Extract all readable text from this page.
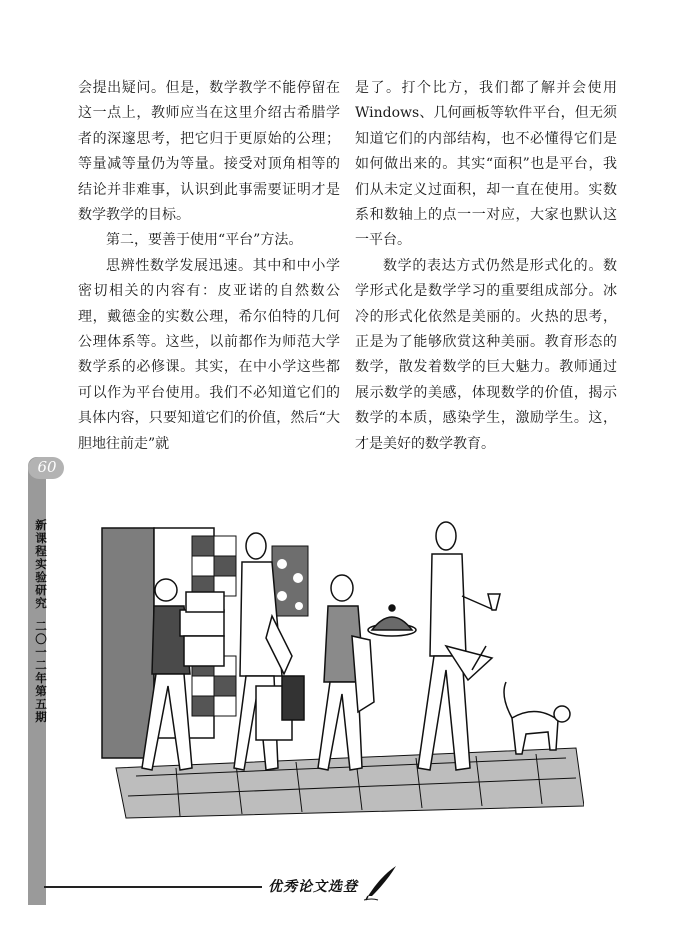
会提出疑问。但是，数学教学不能停留在这一点上，教师应当在这里介绍古希腊学者的深邃思考，把它归于更原始的公理；等量减等量仍为等量。接受对顶角相等的结论并非难事，认识到此事需要证明才是数学教学的目标。

第二，要善于使用“平台”方法。

思辨性数学发展迅速。其中和中小学密切相关的内容有：皮亚诺的自然数公理，戴德金的实数公理，希尔伯特的几何公理体系等。这些，以前都作为师范大学数学系的必修课。其实，在中小学这些都可以作为平台使用。我们不必知道它们的具体内容，只要知道它们的价值，然后“大胆地往前走”就

是了。打个比方，我们都了解并会使用Windows、几何画板等软件平台，但无须知道它们的内部结构，也不必懂得它们是如何做出来的。其实“面积”也是平台，我们从未定义过面积，却一直在使用。实数系和数轴上的点一一对应，大家也默认这一平台。

数学的表达方式仍然是形式化的。数学形式化是数学学习的重要组成部分。冰冷的形式化依然是美丽的。火热的思考，正是为了能够欣赏这种美丽。教育形态的数学，散发着数学的巨大魅力。教师通过展示数学的美感，体现数学的价值，揭示数学的本质，感染学生，激励学生。这，才是美好的数学教育。

60
新课程实验研究
二〇一二年第五期
优秀论文选登
